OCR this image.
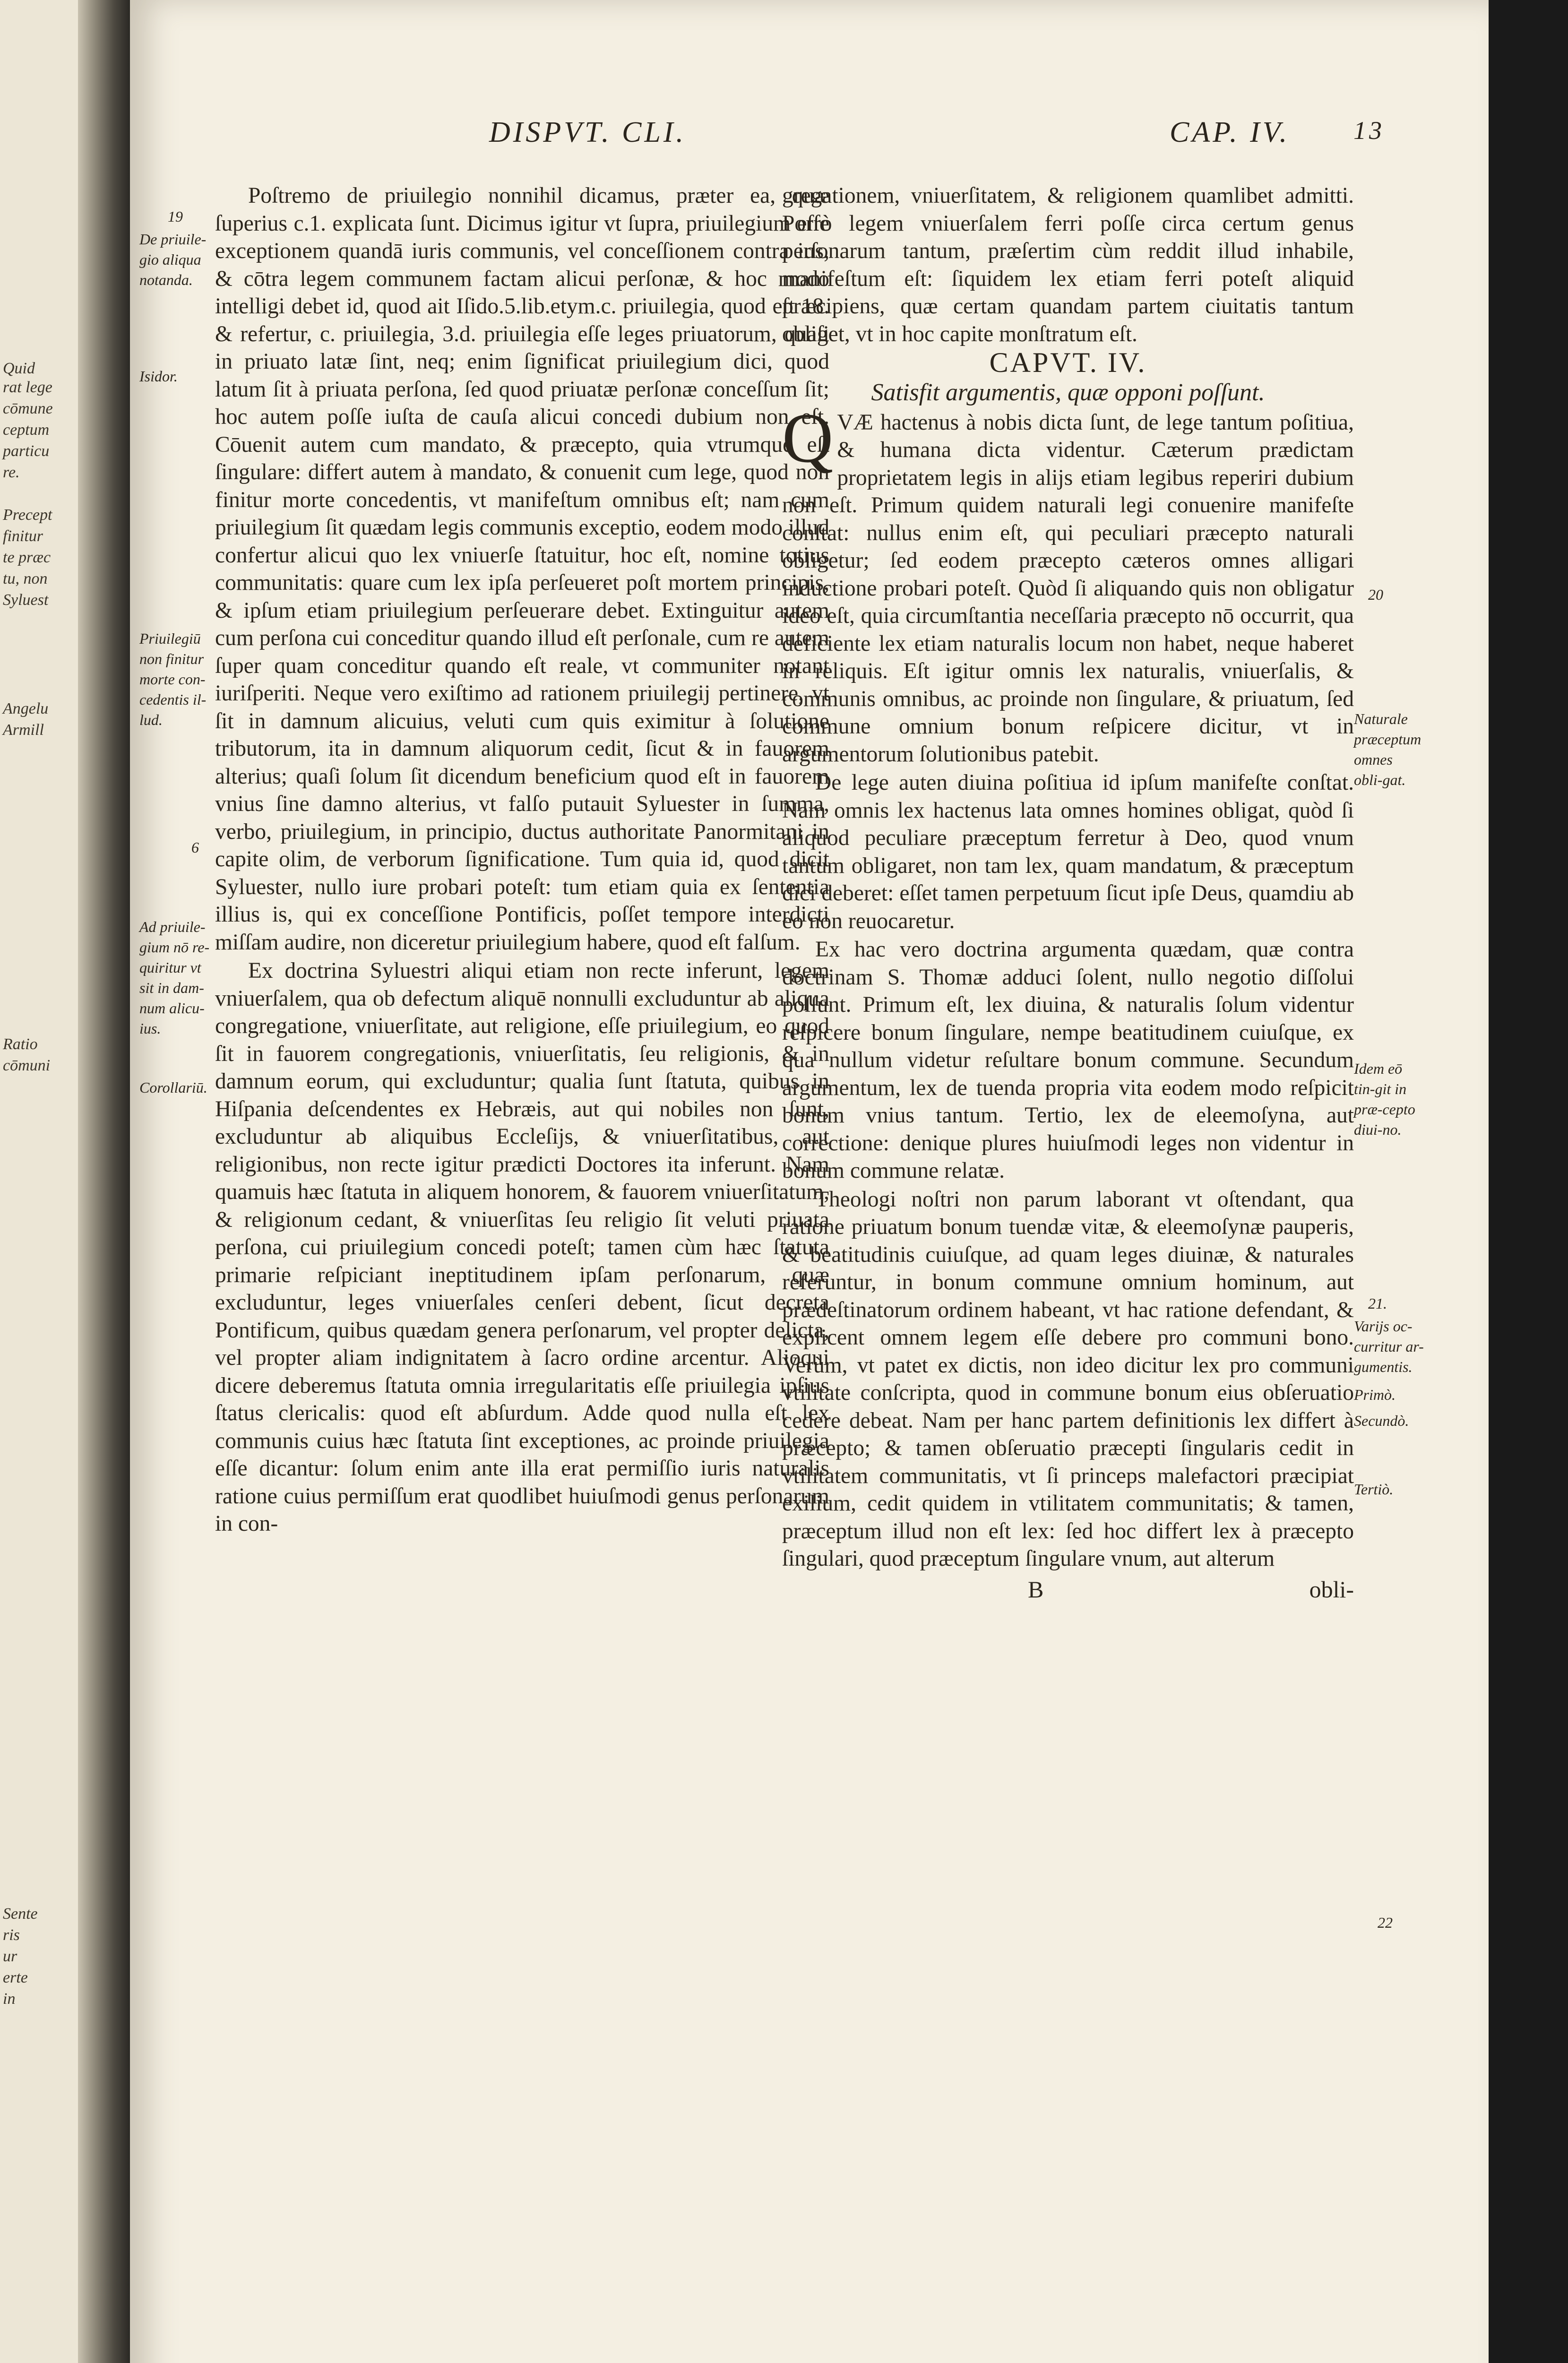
Quid
rat lege
cōmune
ceptum
particu
re.
Precept
finitur
te præc
tu, non
Syluest
Angelu
Armill
Ratio
cōmuni
Sente
ris
ur
erte
in
DISPVT. CLI.	CAP. IV. 13
19
De priuile-gio aliqua notanda.
Isidor.
Priuilegiū non finitur morte con-cedentis il-lud.
6
Ad priuile-gium nō re-quiritur vt sit in dam-num alicu-ius.
Corollariū.
20
Naturale præceptum omnes obli-gat.
Idem eō tin-git in præ-cepto diui-no.
21.
Varijs oc-curritur ar-gumentis.
Primò.
Secundò.
Tertiò.
22

Poſtremo de priuilegio nonnihil dicamus, præter ea, quæ ſuperius c.1. explicata ſunt. Dicimus igitur vt ſupra, priuilegium eſſe exceptionem quandā iuris communis, vel conceſſionem contra ius, & cōtra legem communem factam alicui perſonæ, & hoc modo intelligi debet id, quod ait Iſido.5.lib.etym.c. priuilegia, quod eſt 18. & refertur, c. priuilegia, 3.d. priuilegia eſſe leges priuatorum, quaſi in priuato latæ ſint, neq; enim ſignificat priuilegium dici, quod latum ſit à priuata perſona, ſed quod priuatæ perſonæ conceſſum ſit; hoc autem poſſe iuſta de cauſa alicui concedi dubium non eſt. Cōuenit autem cum mandato, & præcepto, quia vtrumque eſt ſingulare: differt autem à mandato, & conuenit cum lege, quod non finitur morte concedentis, vt manifeſtum omnibus eſt; nam cum priuilegium ſit quædam legis communis exceptio, eodem modo illud confertur alicui quo lex vniuerſe ſtatuitur, hoc eſt, nomine totius communitatis: quare cum lex ipſa perſeueret poſt mortem principis, & ipſum etiam priuilegium perſeuerare debet. Extinguitur autem cum perſona cui conceditur quando illud eſt perſonale, cum re autem ſuper quam conceditur quando eſt reale, vt communiter notant iuriſperiti. Neque vero exiſtimo ad rationem priuilegij pertinere, vt ſit in damnum alicuius, veluti cum quis eximitur à ſolutione tributorum, ita in damnum aliquorum cedit, ſicut & in fauorem alterius; quaſi ſolum ſit dicendum beneficium quod eſt in fauorem vnius ſine damno alterius, vt falſo putauit Syluester in ſumma, verbo, priuilegium, in principio, ductus authoritate Panormitani in capite olim, de verborum ſignificatione. Tum quia id, quod dicit Syluester, nullo iure probari poteſt: tum etiam quia ex ſententia illius is, qui ex conceſſione Pontificis, poſſet tempore interdicti miſſam audire, non diceretur priuilegium habere, quod eſt falſum.

Ex doctrina Syluestri aliqui etiam non recte inferunt, legem vniuerſalem, qua ob defectum aliquē nonnulli excluduntur ab aliqua congregatione, vniuerſitate, aut religione, eſſe priuilegium, eo quod ſit in fauorem congregationis, vniuerſitatis, ſeu religionis, & in damnum eorum, qui excluduntur; qualia ſunt ſtatuta, quibus in Hiſpania deſcendentes ex Hebræis, aut qui nobiles non ſunt, excluduntur ab aliquibus Eccleſijs, & vniuerſitatibus, aut religionibus, non recte igitur prædicti Doctores ita inferunt. Nam quamuis hæc ſtatuta in aliquem honorem, & fauorem vniuerſitatum, & religionum cedant, & vniuerſitas ſeu religio ſit veluti priuata perſona, cui priuilegium concedi poteſt; tamen cùm hæc ſtatuta primarie reſpiciant ineptitudinem ipſam perſonarum, quæ excluduntur, leges vniuerſales cenſeri debent, ſicut decreta Pontificum, quibus quædam genera perſonarum, vel propter delicta, vel propter aliam indignitatem à ſacro ordine arcentur. Alioqui dicere deberemus ſtatuta omnia irregularitatis eſſe priuilegia ipſius ſtatus clericalis: quod eſt abſurdum. Adde quod nulla eſt lex communis cuius hæc ſtatuta ſint exceptiones, ac proinde priuilegia eſſe dicantur: ſolum enim ante illa erat permiſſio iuris naturalis ratione cuius permiſſum erat quodlibet huiuſmodi genus perſonarum in con-

gregationem, vniuerſitatem, & religionem quamlibet admitti. Porrò legem vniuerſalem ferri poſſe circa certum genus perſonarum tantum, præſertim cùm reddit illud inhabile, manifeſtum eſt: ſiquidem lex etiam ferri poteſt aliquid præcipiens, quæ certam quandam partem ciuitatis tantum obliget, vt in hoc capite monſtratum eſt.

CAPVT. IV.

Satisfit argumentis, quæ opponi poſſunt.

Q VÆ hactenus à nobis dicta ſunt, de lege tantum poſitiua, & humana dicta videntur. Cæterum prædictam proprietatem legis in alijs etiam legibus reperiri dubium non eſt. Primum quidem naturali legi conuenire manifeſte conſtat: nullus enim eſt, qui peculiari præcepto naturali obligetur; ſed eodem præcepto cæteros omnes alligari inductione probari poteſt. Quòd ſi aliquando quis non obligatur ideo eſt, quia circumſtantia neceſſaria præcepto nō occurrit, qua deficiente lex etiam naturalis locum non habet, neque haberet in reliquis. Eſt igitur omnis lex naturalis, vniuerſalis, & communis omnibus, ac proinde non ſingulare, & priuatum, ſed commune omnium bonum reſpicere dicitur, vt in argumentorum ſolutionibus patebit.

De lege auten diuina poſitiua id ipſum manifeſte conſtat. Nam omnis lex hactenus lata omnes homines obligat, quòd ſi aliquod peculiare præceptum ferretur à Deo, quod vnum tantum obligaret, non tam lex, quam mandatum, & præceptum dici deberet: eſſet tamen perpetuum ſicut ipſe Deus, quamdiu ab eo non reuocaretur.

Ex hac vero doctrina argumenta quædam, quæ contra doctrinam S. Thomæ adduci ſolent, nullo negotio diſſolui poſſunt. Primum eſt, lex diuina, & naturalis ſolum videntur reſpicere bonum ſingulare, nempe beatitudinem cuiuſque, ex qua nullum videtur reſultare bonum commune. Secundum argumentum, lex de tuenda propria vita eodem modo reſpicit bonum vnius tantum. Tertio, lex de eleemoſyna, aut correctione: denique plures huiuſmodi leges non videntur in bonum commune relatæ.

Theologi noſtri non parum laborant vt oſtendant, qua ratione priuatum bonum tuendæ vitæ, & eleemoſynæ pauperis, & beatitudinis cuiuſque, ad quam leges diuinæ, & naturales referuntur, in bonum commune omnium hominum, aut prædeſtinatorum ordinem habeant, vt hac ratione defendant, & explicent omnem legem eſſe debere pro communi bono. Verùm, vt patet ex dictis, non ideo dicitur lex pro communi vtilitate conſcripta, quod in commune bonum eius obſeruatio cedere debeat. Nam per hanc partem definitionis lex differt à præcepto; & tamen obſeruatio præcepti ſingularis cedit in vtilitatem communitatis, vt ſi princeps malefactori præcipiat exilium, cedit quidem in vtilitatem communitatis; & tamen, præceptum illud non eſt lex: ſed hoc differt lex à præcepto ſingulari, quod præceptum ſingulare vnum, aut alterum

B	obli-
